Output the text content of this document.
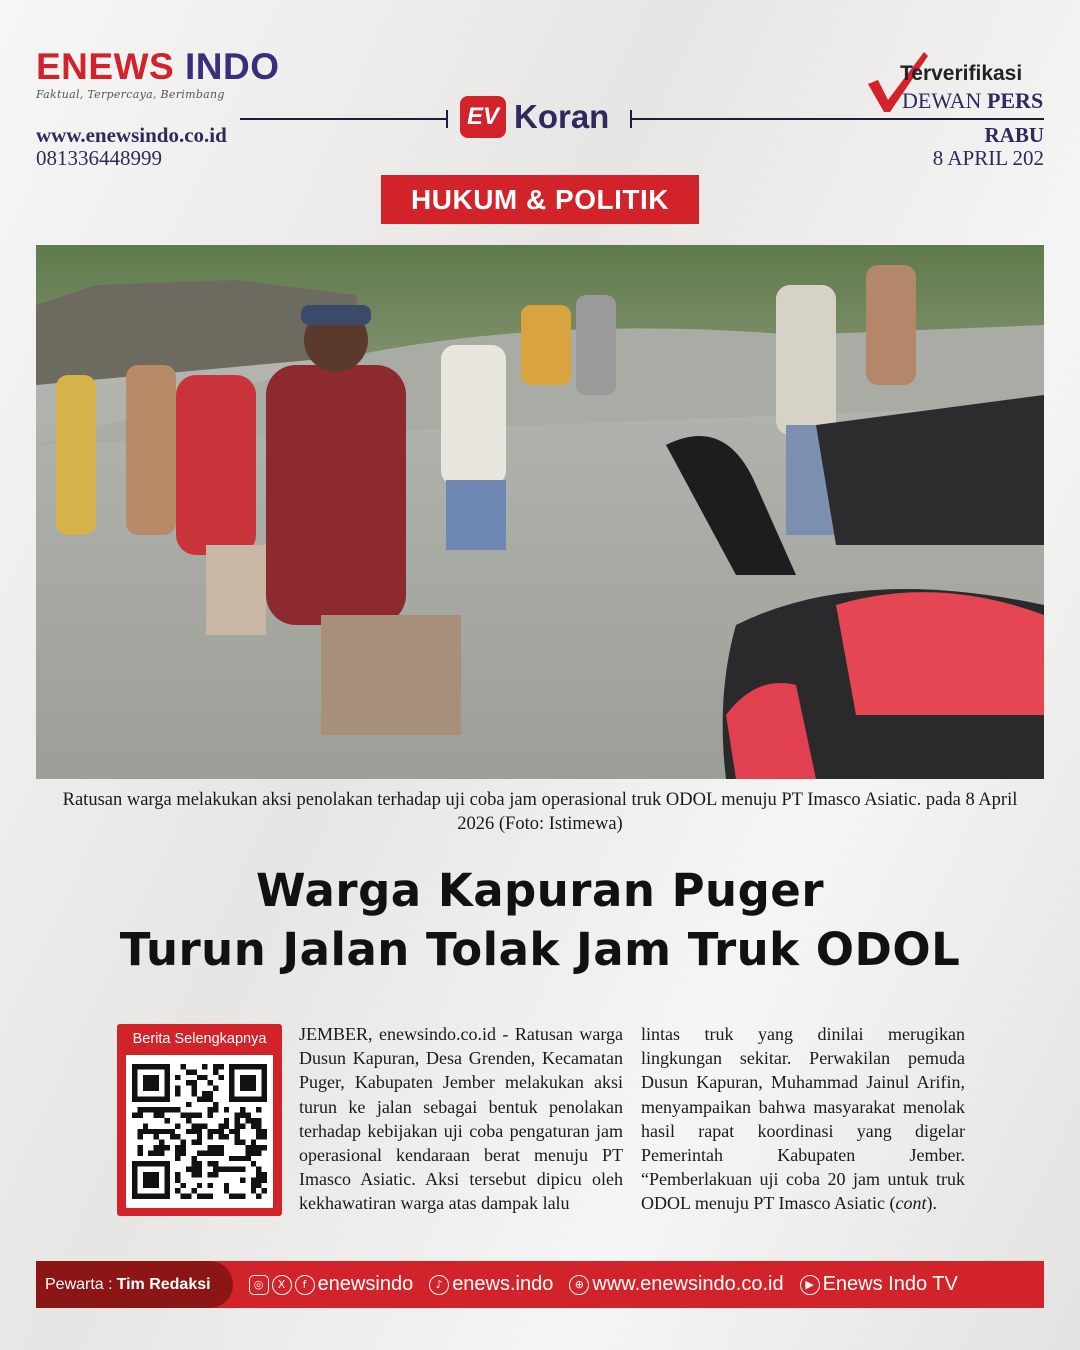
ENEWS INDO
Faktual, Terpercaya, Berimbang
www.enewsindo.co.id
081336448999
EV Koran
Terverifikasi
DEWAN PERS
RABU
8 APRIL 202
HUKUM & POLITIK
Ratusan warga melakukan aksi penolakan terhadap uji coba jam operasional truk ODOL menuju PT Imasco Asiatic. pada 8 April 2026 (Foto: Istimewa)
Warga Kapuran Puger
Turun Jalan Tolak Jam Truk ODOL
Berita Selengkapnya	JEMBER, enewsindo.co.id - Ratusan warga Dusun Kapuran, Desa Grenden, Kecamatan Puger, Kabupaten Jember melakukan aksi turun ke jalan sebagai bentuk penolakan terhadap kebijakan uji coba pengaturan jam operasional kendaraan berat menuju PT Imasco Asiatic. Aksi tersebut dipicu oleh kekhawatiran warga atas dampak lalu
lintas truk yang dinilai merugikan lingkungan sekitar. Perwakilan pemuda Dusun Kapuran, Muhammad Jainul Arifin, menyampaikan bahwa masyarakat menolak hasil rapat koordinasi yang digelar Pemerintah Kabupaten Jember. “Pemberlakuan uji coba 20 jam untuk truk ODOL menuju PT Imasco Asiatic (cont).
Pewarta : Tim Redaksi	◎	X	f enewsindo	♪ enews.indo	⊕ www.enewsindo.co.id	▶ Enews Indo TV
